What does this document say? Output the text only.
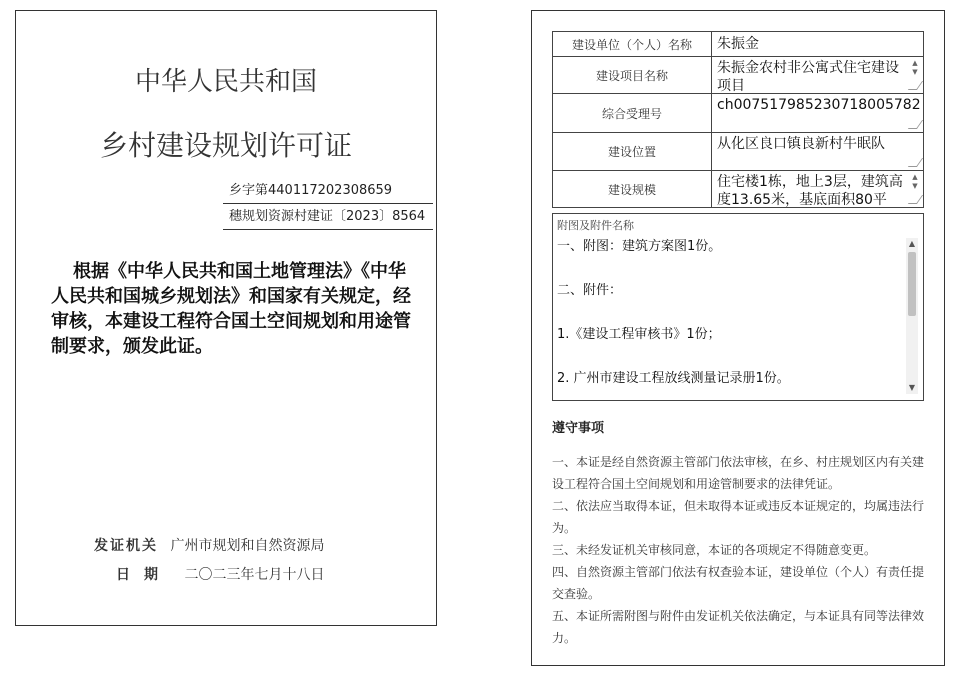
中华人民共和国
乡村建设规划许可证
乡字第440117202308659
穗规划资源村建证〔2023〕8564
根据《中华人民共和国土地管理法》《中华人民共和国城乡规划法》和国家有关规定，经审核，本建设工程符合国土空间规划和用途管制要求，颁发此证。
发证机关 广州市规划和自然资源局
日期 二〇二三年七月十八日
建设单位（个人）名称	朱振金

建设项目名称	朱振金农村非公寓式住宅建设项目
▲
▼

综合受理号	ch007517985230718005782

建设位置	从化区良口镇良新村牛眠队

建设规模	住宅楼1栋，地上3层，建筑高度13.65米，基底面积80平
▲
▼
附图及附件名称

一、附图：建筑方案图1份。

二、附件：

1.《建设工程审核书》1份；

2. 广州市建设工程放线测量记录册1份。

▲
▼
遵守事项
一、本证是经自然资源主管部门依法审核，在乡、村庄规划区内有关建设工程符合国土空间规划和用途管制要求的法律凭证。
二、依法应当取得本证，但未取得本证或违反本证规定的，均属违法行为。
三、未经发证机关审核同意，本证的各项规定不得随意变更。
四、自然资源主管部门依法有权查验本证，建设单位（个人）有责任提交查验。
五、本证所需附图与附件由发证机关依法确定，与本证具有同等法律效力。
